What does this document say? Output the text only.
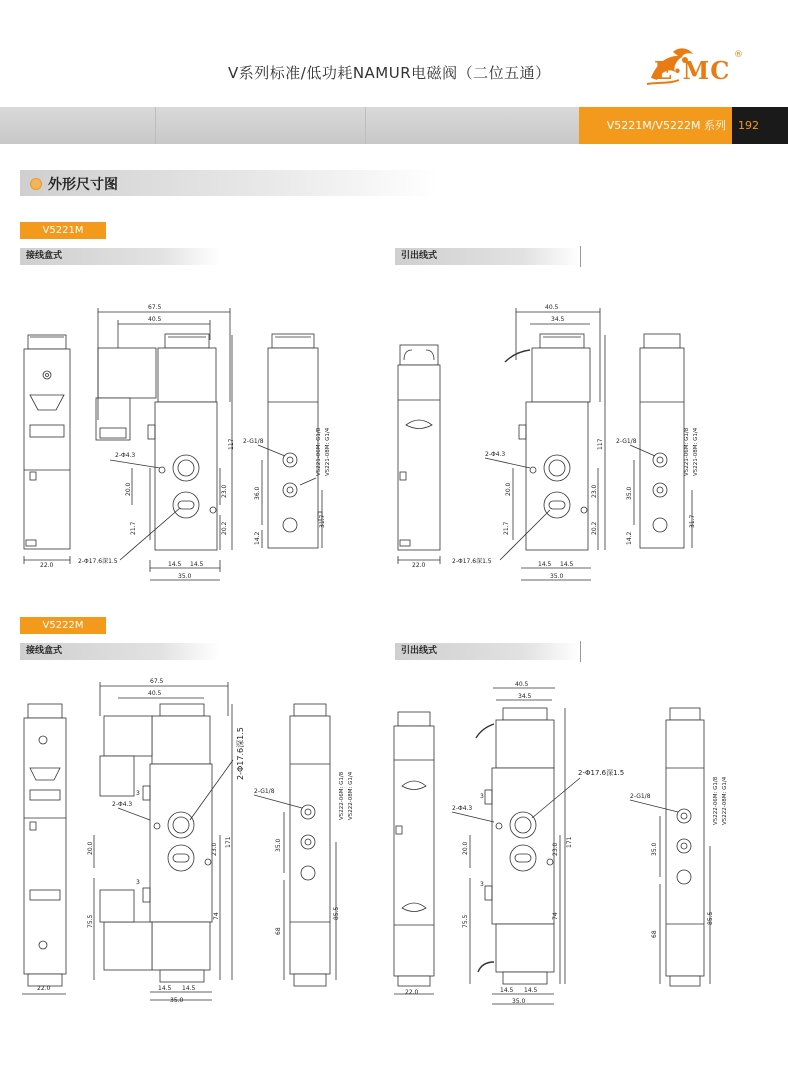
V系列标准/低功耗NAMUR电磁阀（二位五通）	E·MC
®
V5221M/V5222M 系列	192
外形尺寸图
V5221M
接线盒式	引出线式
V5222M
接线盒式	引出线式
22.0
67.5
40.5
117
2-Φ4.3
20.0	23.0
20.2
21.7
2-Φ17.6深1.5	14.5 14.5
35.0
2-G1/8	V5221-06M: G1/8 V5221-08M: G1/4
36.0
14.2
31.7
22.0
40.5
34.5
117
2-Φ4.3
20.0	23.0
20.2
21.7
2-Φ17.6深1.5	14.5 14.5
35.0
2-G1/8	V5221-06M: G1/8 V5221-08M: G1/4
35.0
14.2
31.7
22.0
67.5
40.5
2-Φ17.6深1.5
2-Φ4.3
3
3
20.0	23.0
171
75.5	74
14.5 14.5
35.0
2-G1/8	V5222-06M: G1/8 V5222-08M: G1/4
35.0
68
85.5
22.0
40.5
34.5
2-Φ17.6深1.5
2-Φ4.3
3
3
20.0	23.0
171
75.5	74
14.5 14.5
35.0
2-G1/8	V5222-06M: G1/8 V5222-08M: G1/4
35.0
68
85.5
